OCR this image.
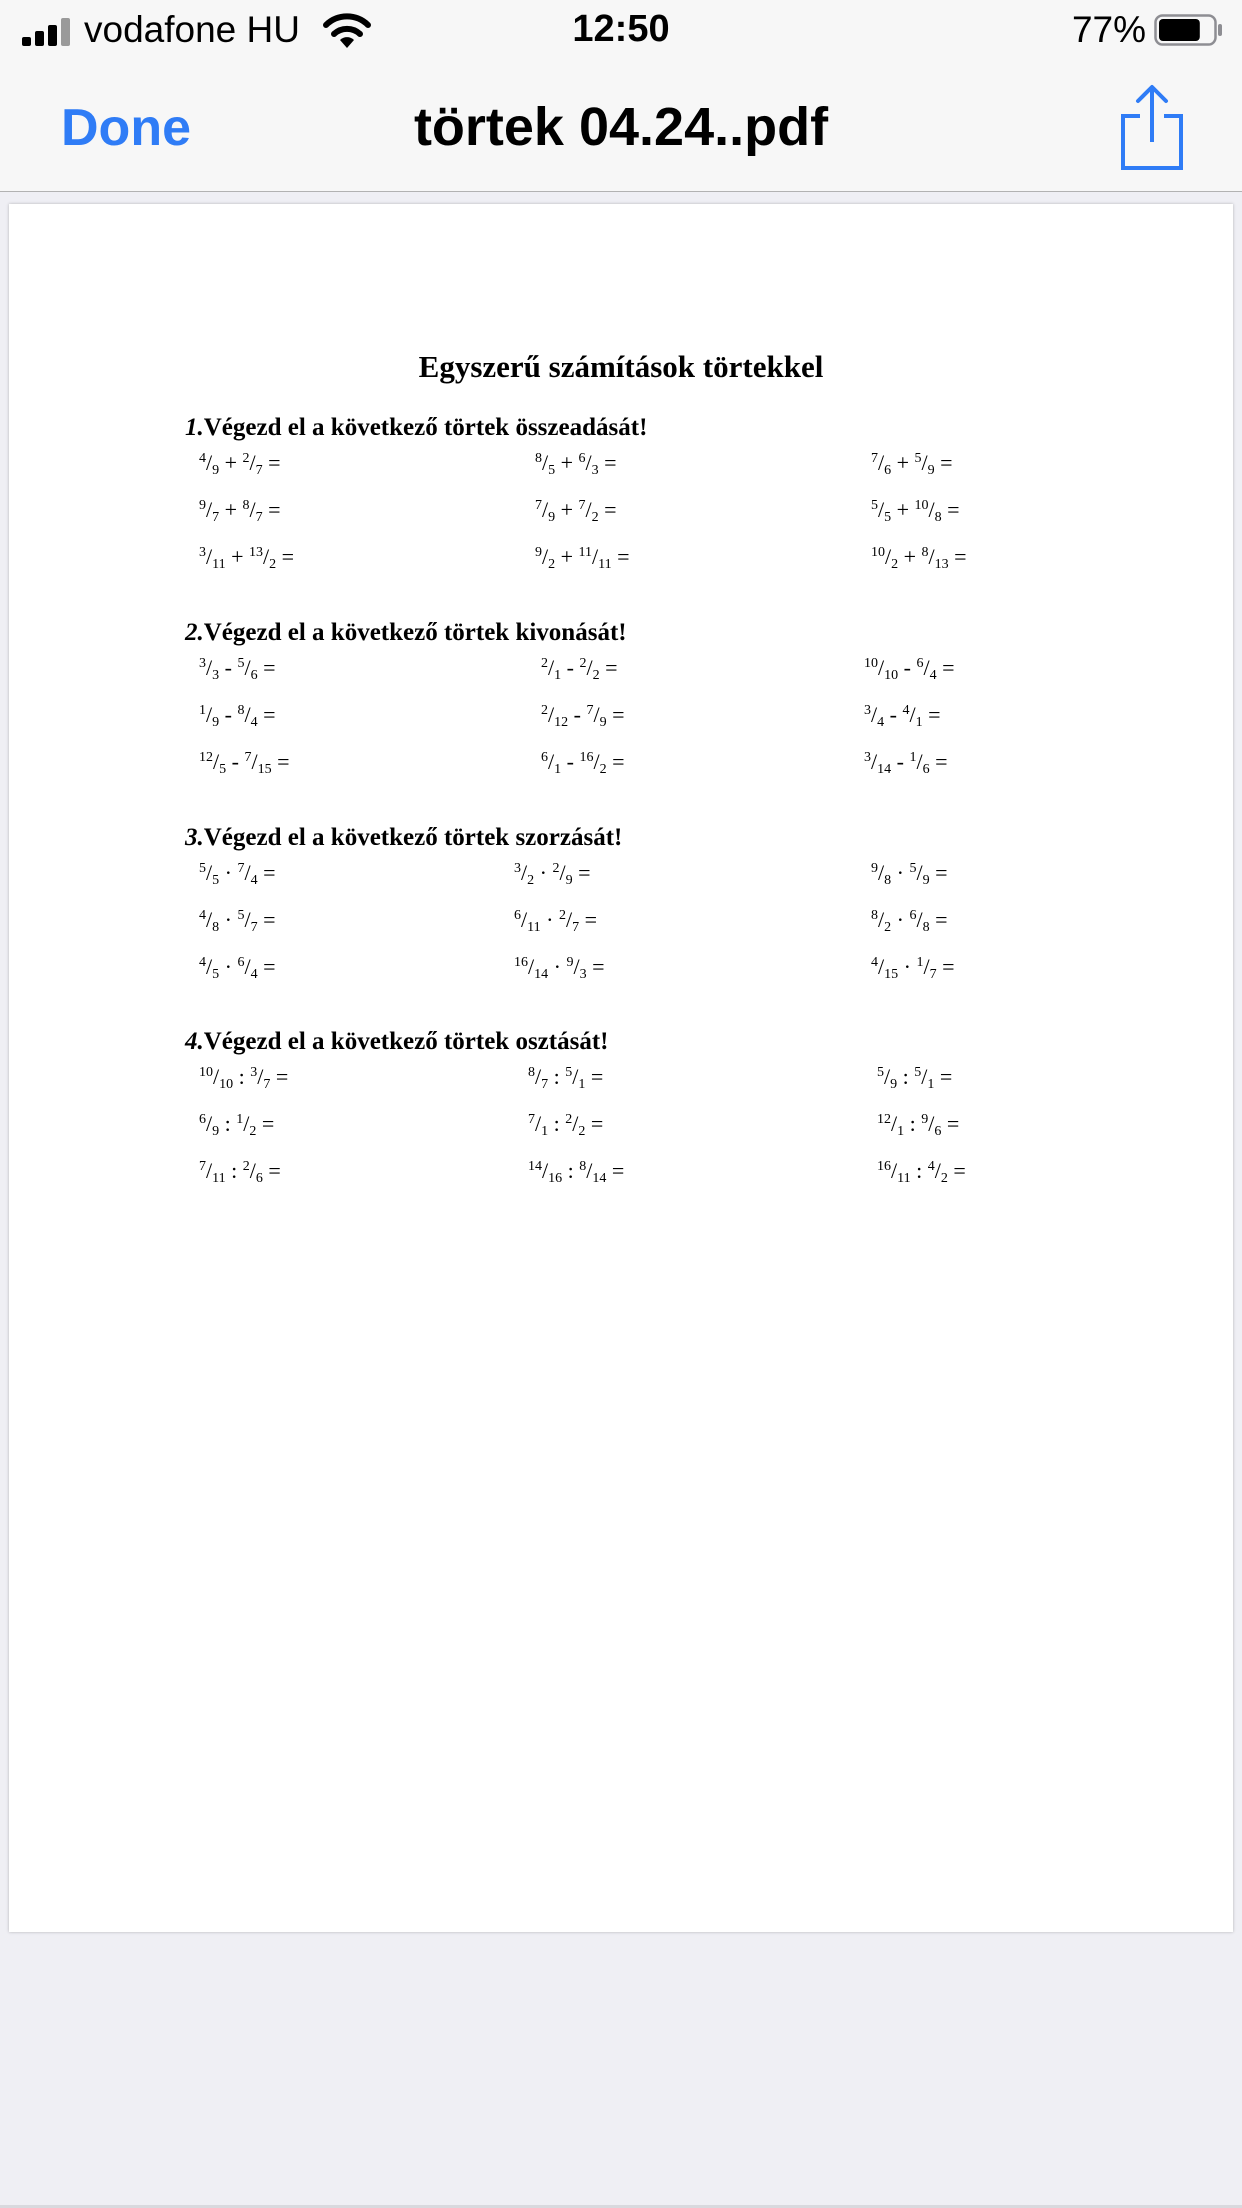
vodafone HU	12:50	77%
Done	törtek 04.24..pdf
Egyszerű számítások törtekkel
1.Végezd el a következő törtek összeadását!
$^4/_9 + ^2/_7$ =	$^8/_5 + ^6/_3$ =	$^7/_6 + ^5/_9$ =
$^9/_7 + ^8/_7$ =	$^7/_9 + ^7/_2$ =	$^5/_5 + ^{10}/_8$ =
$^3/_{11} + ^{13}/_2$ =	$^9/_2 + ^{11}/_{11}$ =	$^{10}/_2 + ^8/_{13}$ =
2.Végezd el a következő törtek kivonását!
$^3/_3 - ^5/_6$ =	$^2/_1 - ^2/_2$ =	$^{10}/_{10} - ^6/_4$ =
$^1/_9 - ^8/_4$ =	$^2/_{12} - ^7/_9$ =	$^3/_4 - ^4/_1$ =
$^{12}/_5 - ^7/_{15}$ =	$^6/_1 - ^{16}/_2$ =	$^3/_{14} - ^1/_6$ =
3.Végezd el a következő törtek szorzását!
$^5/_5 \cdot ^7/_4$ =	$^3/_2 \cdot ^2/_9$ =	$^9/_8 \cdot ^5/_9$ =
$^4/_8 \cdot ^5/_7$ =	$^6/_{11} \cdot ^2/_7$ =	$^8/_2 \cdot ^6/_8$ =
$^4/_5 \cdot ^6/_4$ =	$^{16}/_{14} \cdot ^9/_3$ =	$^4/_{15} \cdot ^1/_7$ =
4.Végezd el a következő törtek osztását!
$^{10}/_{10}$ : $^3/_7$ =	$^8/_7$ : $^5/_1$ =	$^5/_9$ : $^5/_1$ =
$^6/_9$ : $^1/_2$ =	$^7/_1$ : $^2/_2$ =	$^{12}/_1$ : $^9/_6$ =
$^7/_{11}$ : $^2/_6$ =	$^{14}/_{16}$ : $^8/_{14}$ =	$^{16}/_{11}$ : $^4/_2$ =
